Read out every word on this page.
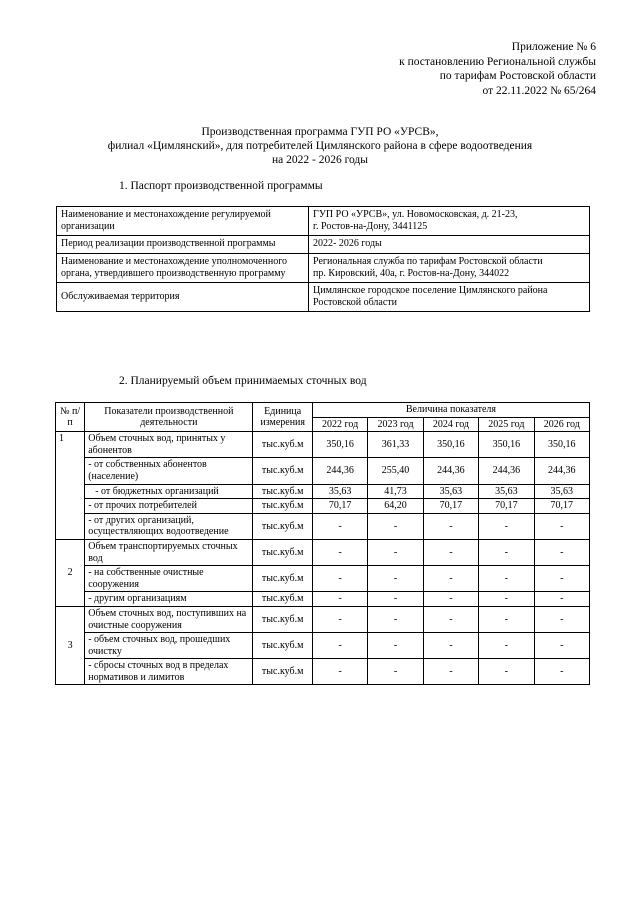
Приложение № 6
к постановлению Региональной службы
по тарифам Ростовской области
от 22.11.2022 № 65/264
Производственная программа ГУП РО «УРСВ»,
филиал «Цимлянский», для потребителей Цимлянского района в сфере водоотведения
на 2022 - 2026 годы
1. Паспорт производственной программы
Наименование и местонахождение регулируемой организации	ГУП РО «УРСВ», ул. Новомосковская, д. 21-23,
г. Ростов-на-Дону, 3441125

Период реализации производственной программы	2022- 2026 годы

Наименование и местонахождение уполномоченного органа, утвердившего производственную программу	Региональная служба по тарифам Ростовской области
пр. Кировский, 40а, г. Ростов-на-Дону, 344022

Обслуживаемая территория	Цимлянское городское поселение Цимлянского района Ростовской области
2. Планируемый объем принимаемых сточных вод
№ п/п	Показатели производственной деятельности	Единица измерения	Величина показателя				
			2022 год	2023 год	2024 год	2025 год	2026 год
1	Объем сточных вод, принятых у абонентов	тыс.куб.м	350,16	361,33	350,16	350,16	350,16
	- от собственных абонентов (население)	тыс.куб.м	244,36	255,40	244,36	244,36	244,36
	- от бюджетных организаций	тыс.куб.м	35,63	41,73	35,63	35,63	35,63
	- от прочих потребителей	тыс.куб.м	70,17	64,20	70,17	70,17	70,17
	- от других организаций, осуществляющих водоотведение	тыс.куб.м	-	-	-	-	-
2	Объем транспортируемых сточных вод	тыс.куб.м	-	-	-	-	-
	- на собственные очистные сооружения	тыс.куб.м	-	-	-	-	-
	- другим организациям	тыс.куб.м	-	-	-	-	-
3	Объем сточных вод, поступивших на очистные сооружения	тыс.куб.м	-	-	-	-	-
	- объем сточных вод, прошедших очистку	тыс.куб.м	-	-	-	-	-
	- сбросы сточных вод в пределах нормативов и лимитов	тыс.куб.м	-	-	-	-	-
